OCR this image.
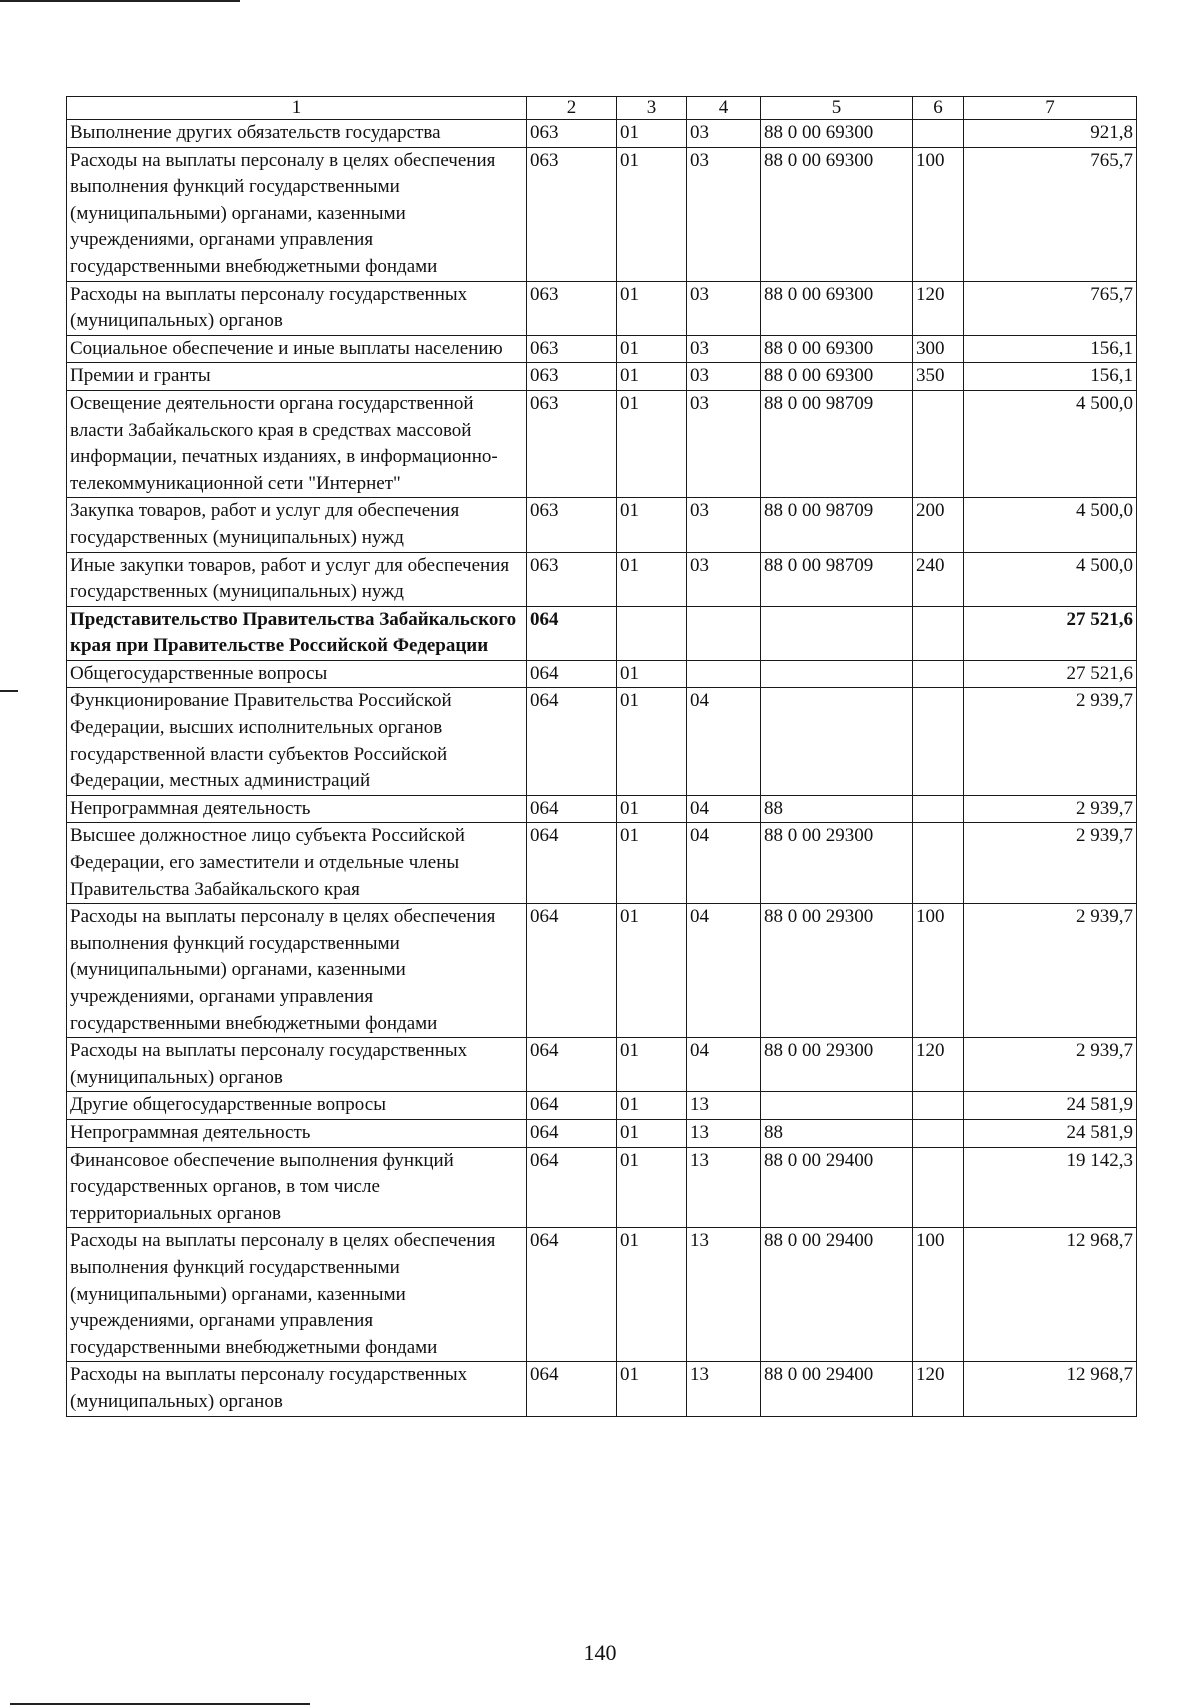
1	2	3	4	5	6	7
Выполнение других обязательств государства	063	01	03	88 0 00 69300		921,8
Расходы на выплаты персоналу в целях обеспечения выполнения функций государственными (муниципальными) органами, казенными учреждениями, органами управления государственными внебюджетными фондами	063	01	03	88 0 00 69300	100	765,7
Расходы на выплаты персоналу государственных (муниципальных) органов	063	01	03	88 0 00 69300	120	765,7
Социальное обеспечение и иные выплаты населению	063	01	03	88 0 00 69300	300	156,1
Премии и гранты	063	01	03	88 0 00 69300	350	156,1
Освещение деятельности органа государственной власти Забайкальского края в средствах массовой информации, печатных изданиях, в информационно-телекоммуникационной сети "Интернет"	063	01	03	88 0 00 98709		4 500,0
Закупка товаров, работ и услуг для обеспечения государственных (муниципальных) нужд	063	01	03	88 0 00 98709	200	4 500,0
Иные закупки товаров, работ и услуг для обеспечения государственных (муниципальных) нужд	063	01	03	88 0 00 98709	240	4 500,0
Представительство Правительства Забайкальского края при Правительстве Российской Федерации	064					27 521,6
Общегосударственные вопросы	064	01				27 521,6
Функционирование Правительства Российской Федерации, высших исполнительных органов государственной власти субъектов Российской Федерации, местных администраций	064	01	04			2 939,7
Непрограммная деятельность	064	01	04	88		2 939,7
Высшее должностное лицо субъекта Российской Федерации, его заместители и отдельные члены Правительства Забайкальского края	064	01	04	88 0 00 29300		2 939,7
Расходы на выплаты персоналу в целях обеспечения выполнения функций государственными (муниципальными) органами, казенными учреждениями, органами управления государственными внебюджетными фондами	064	01	04	88 0 00 29300	100	2 939,7
Расходы на выплаты персоналу государственных (муниципальных) органов	064	01	04	88 0 00 29300	120	2 939,7
Другие общегосударственные вопросы	064	01	13			24 581,9
Непрограммная деятельность	064	01	13	88		24 581,9
Финансовое обеспечение выполнения функций государственных органов, в том числе территориальных органов	064	01	13	88 0 00 29400		19 142,3
Расходы на выплаты персоналу в целях обеспечения выполнения функций государственными (муниципальными) органами, казенными учреждениями, органами управления государственными внебюджетными фондами	064	01	13	88 0 00 29400	100	12 968,7
Расходы на выплаты персоналу государственных (муниципальных) органов	064	01	13	88 0 00 29400	120	12 968,7
140
